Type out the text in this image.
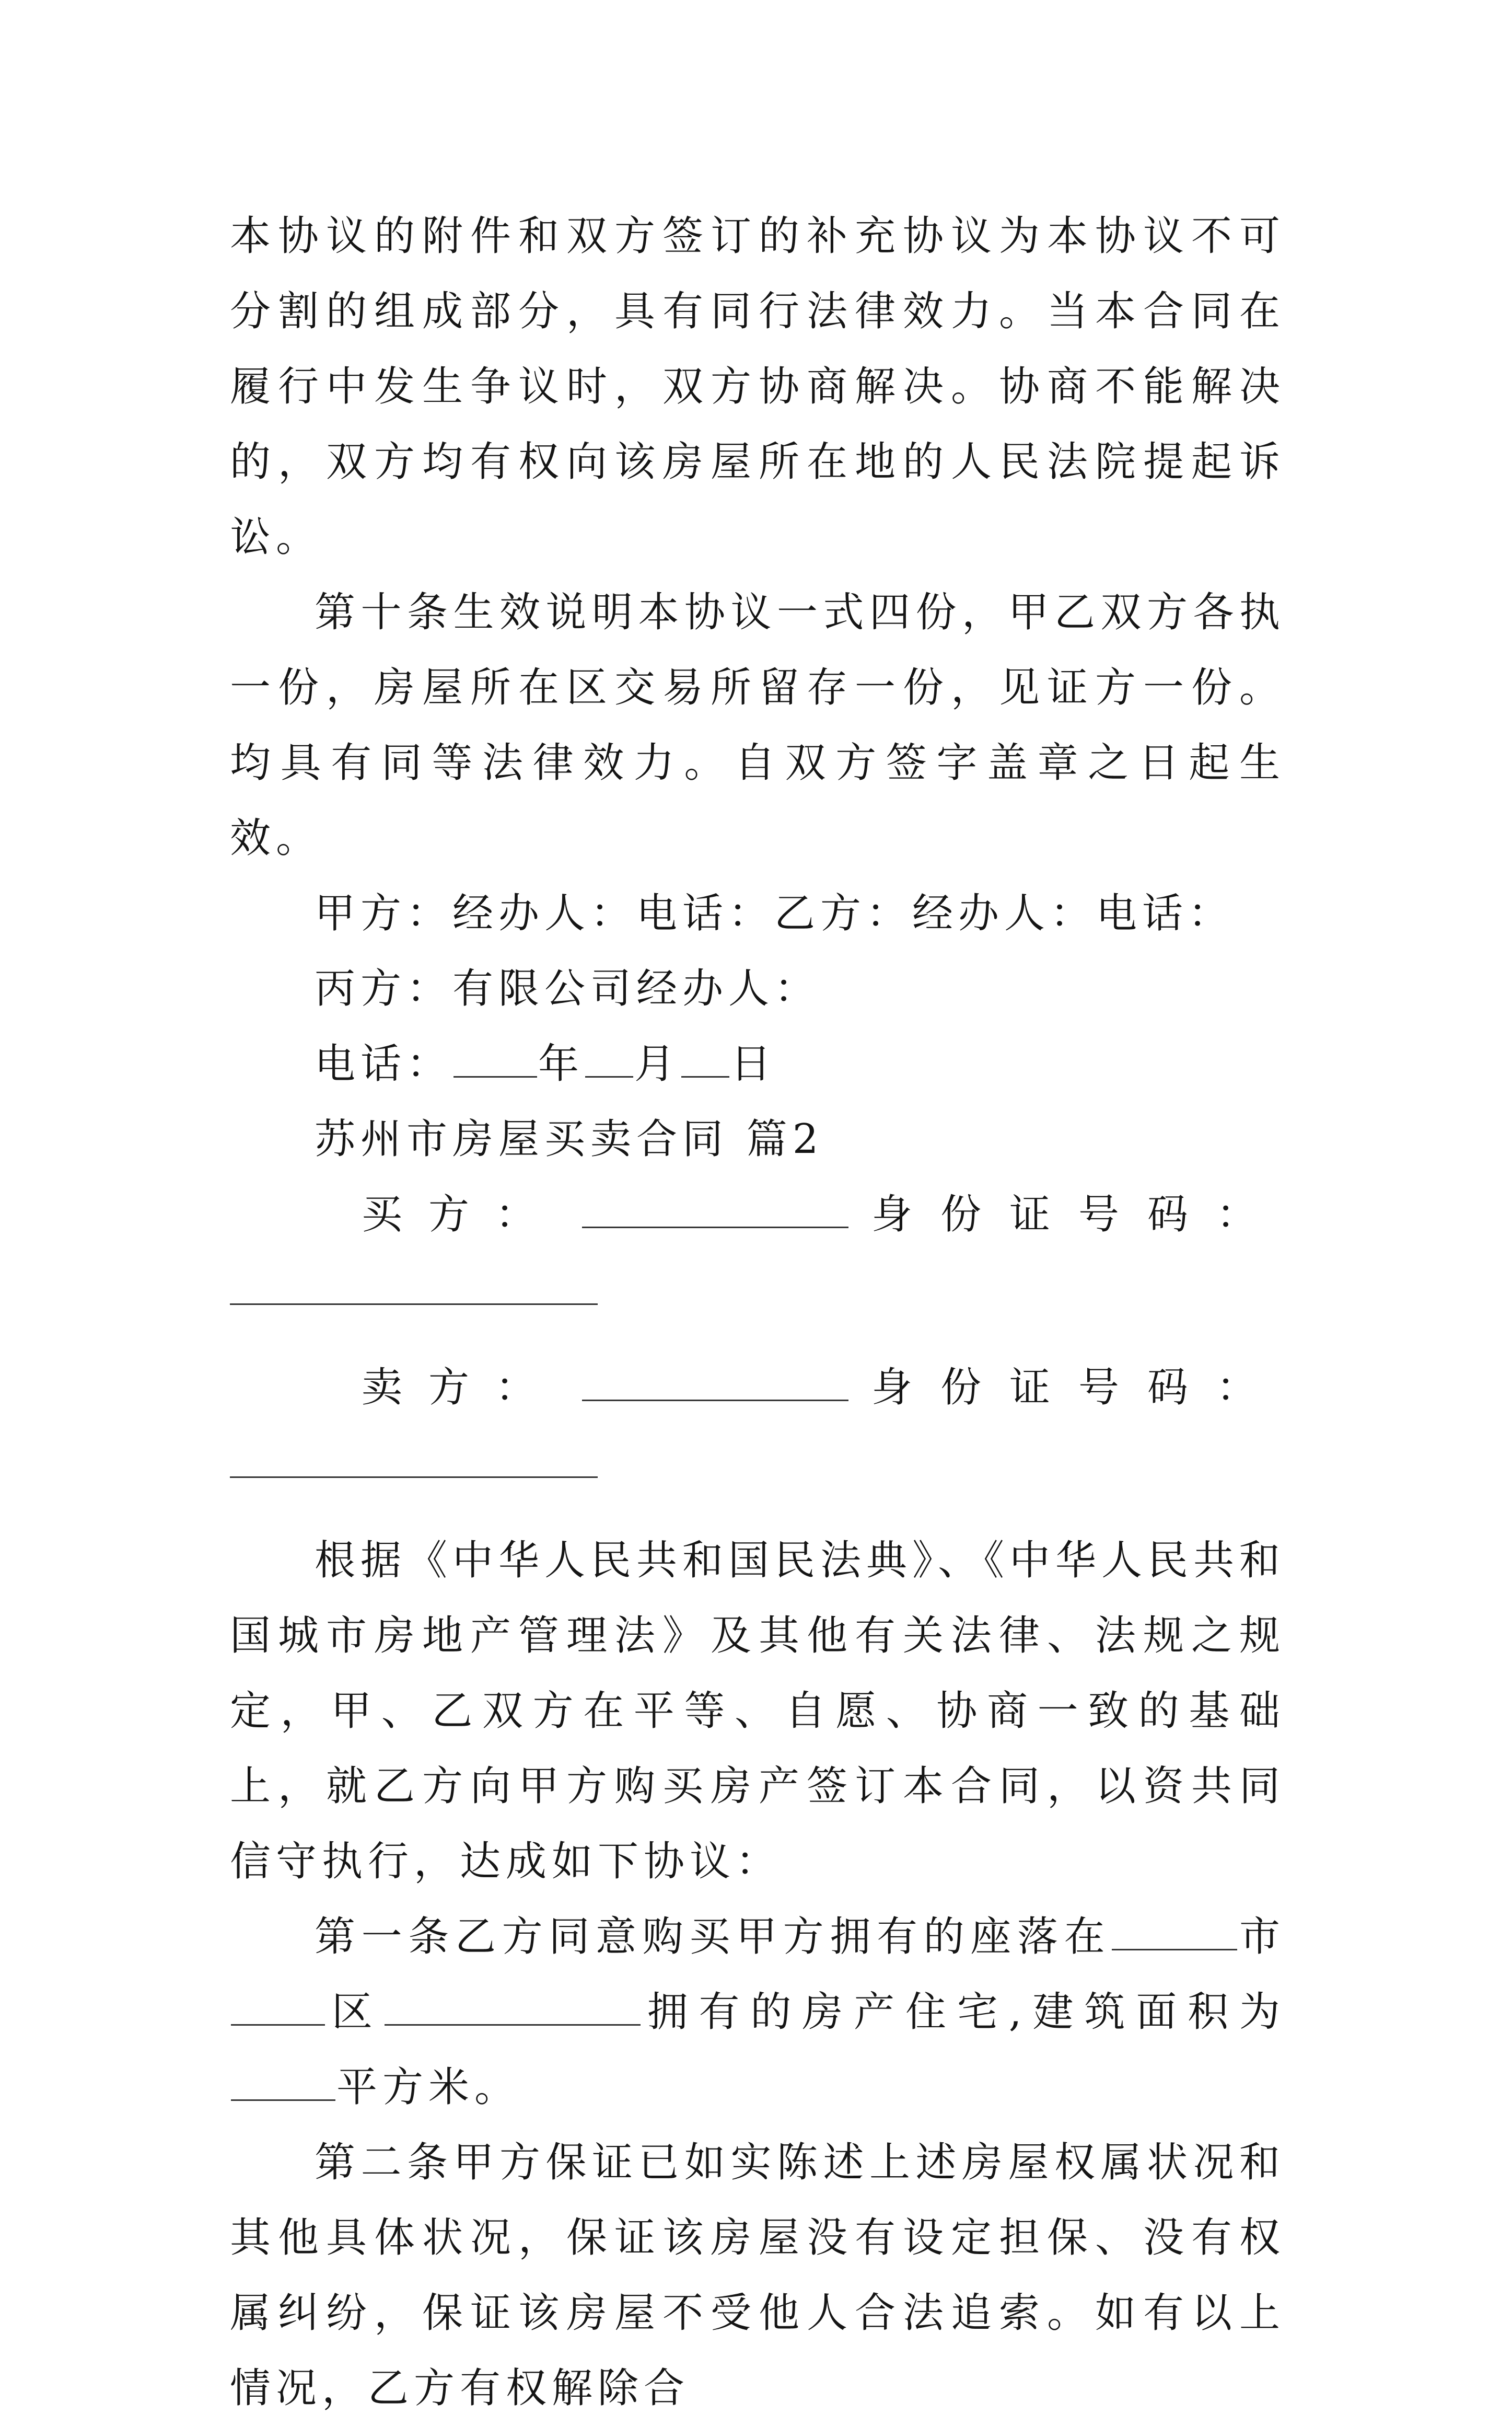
本协议的附件和双方签订的补充协议为本协议不可分割的组成部分，具有同行法律效力。当本合同在履行中发生争议时，双方协商解决。协商不能解决的，双方均有权向该房屋所在地的人民法院提起诉讼。

第十条生效说明本协议一式四份，甲乙双方各执一份，房屋所在区交易所留存一份，见证方一份。均具有同等法律效力。自双方签字盖章之日起生效。

甲方：经办人：电话：乙方：经办人：电话：

丙方：有限公司经办人：

电话： 年 月 日

苏州市房屋买卖合同 篇2

买方：	身份证号码：
卖方：	身份证号码：

根据《中华人民共和国民法典》、《中华人民共和国城市房地产管理法》及其他有关法律、法规之规定，甲、乙双方在平等、自愿、协商一致的基础上，就乙方向甲方购买房产签订本合同，以资共同信守执行，达成如下协议：

第一条乙方同意购买甲方拥有的座落在	市区	拥有的房产住宅,建筑面积为平方米。

第二条甲方保证已如实陈述上述房屋权属状况和其他具体状况，保证该房屋没有设定担保、没有权属纠纷，保证该房屋不受他人合法追索。如有以上情况，乙方有权解除合
